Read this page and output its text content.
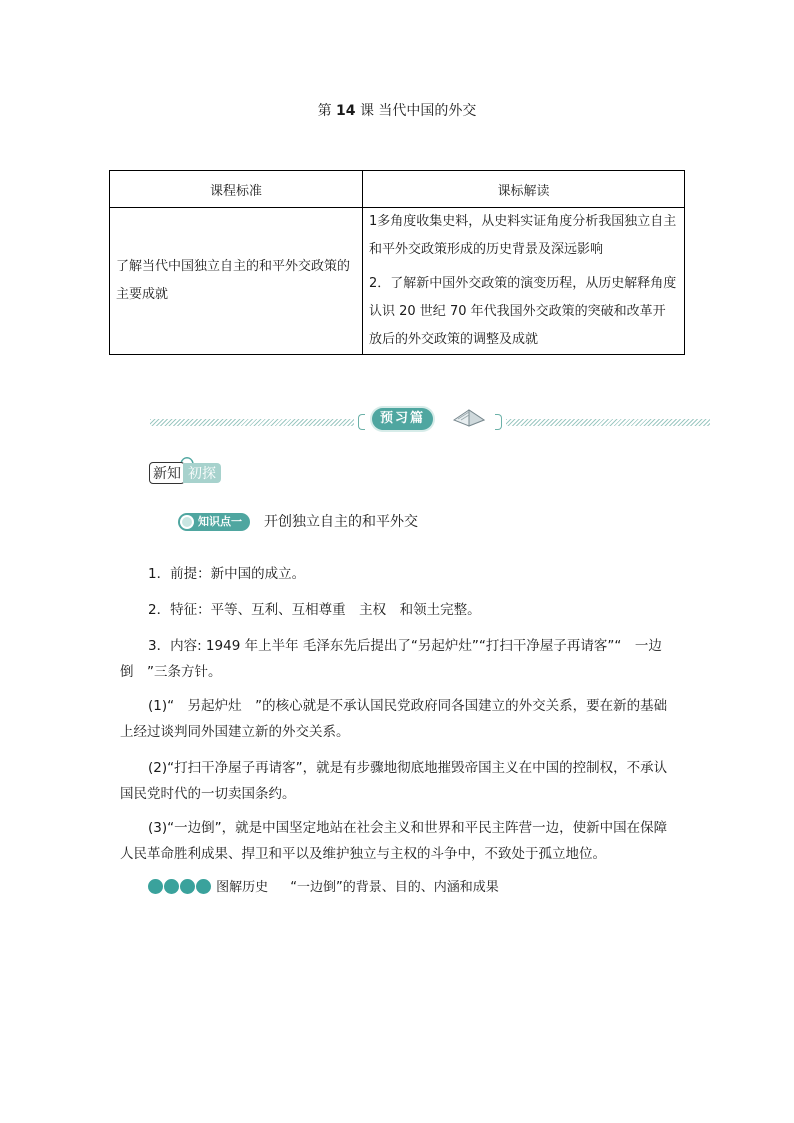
第 14 课 当代中国的外交
课程标准	课标解读
了解当代中国独立自主的和平外交政策的主要成就	1多角度收集史料，从史料实证角度分析我国独立自主和平外交政策形成的历史背景及深远影响

2．了解新中国外交政策的演变历程，从历史解释角度认识 20 世纪 70 年代我国外交政策的突破和改革开放后的外交政策的调整及成就

预习篇
新知 初探
知识点一	开创独立自主的和平外交
1．前提：新中国的成立。
2．特征：平等、互利、互相尊重　主权　和领土完整。
3．内容: 1949 年上半年 毛泽东先后提出了“另起炉灶”“打扫干净屋子再请客”“　一边倒　”三条方针。
(1)“　另起炉灶　”的核心就是不承认国民党政府同各国建立的外交关系，要在新的基础上经过谈判同外国建立新的外交关系。
(2)“打扫干净屋子再请客”，就是有步骤地彻底地摧毁帝国主义在中国的控制权，不承认国民党时代的一切卖国条约。
(3)“一边倒”，就是中国坚定地站在社会主义和世界和平民主阵营一边，使新中国在保障人民革命胜利成果、捍卫和平以及维护独立与主权的斗争中，不致处于孤立地位。
图解历史 “一边倒”的背景、目的、内涵和成果
